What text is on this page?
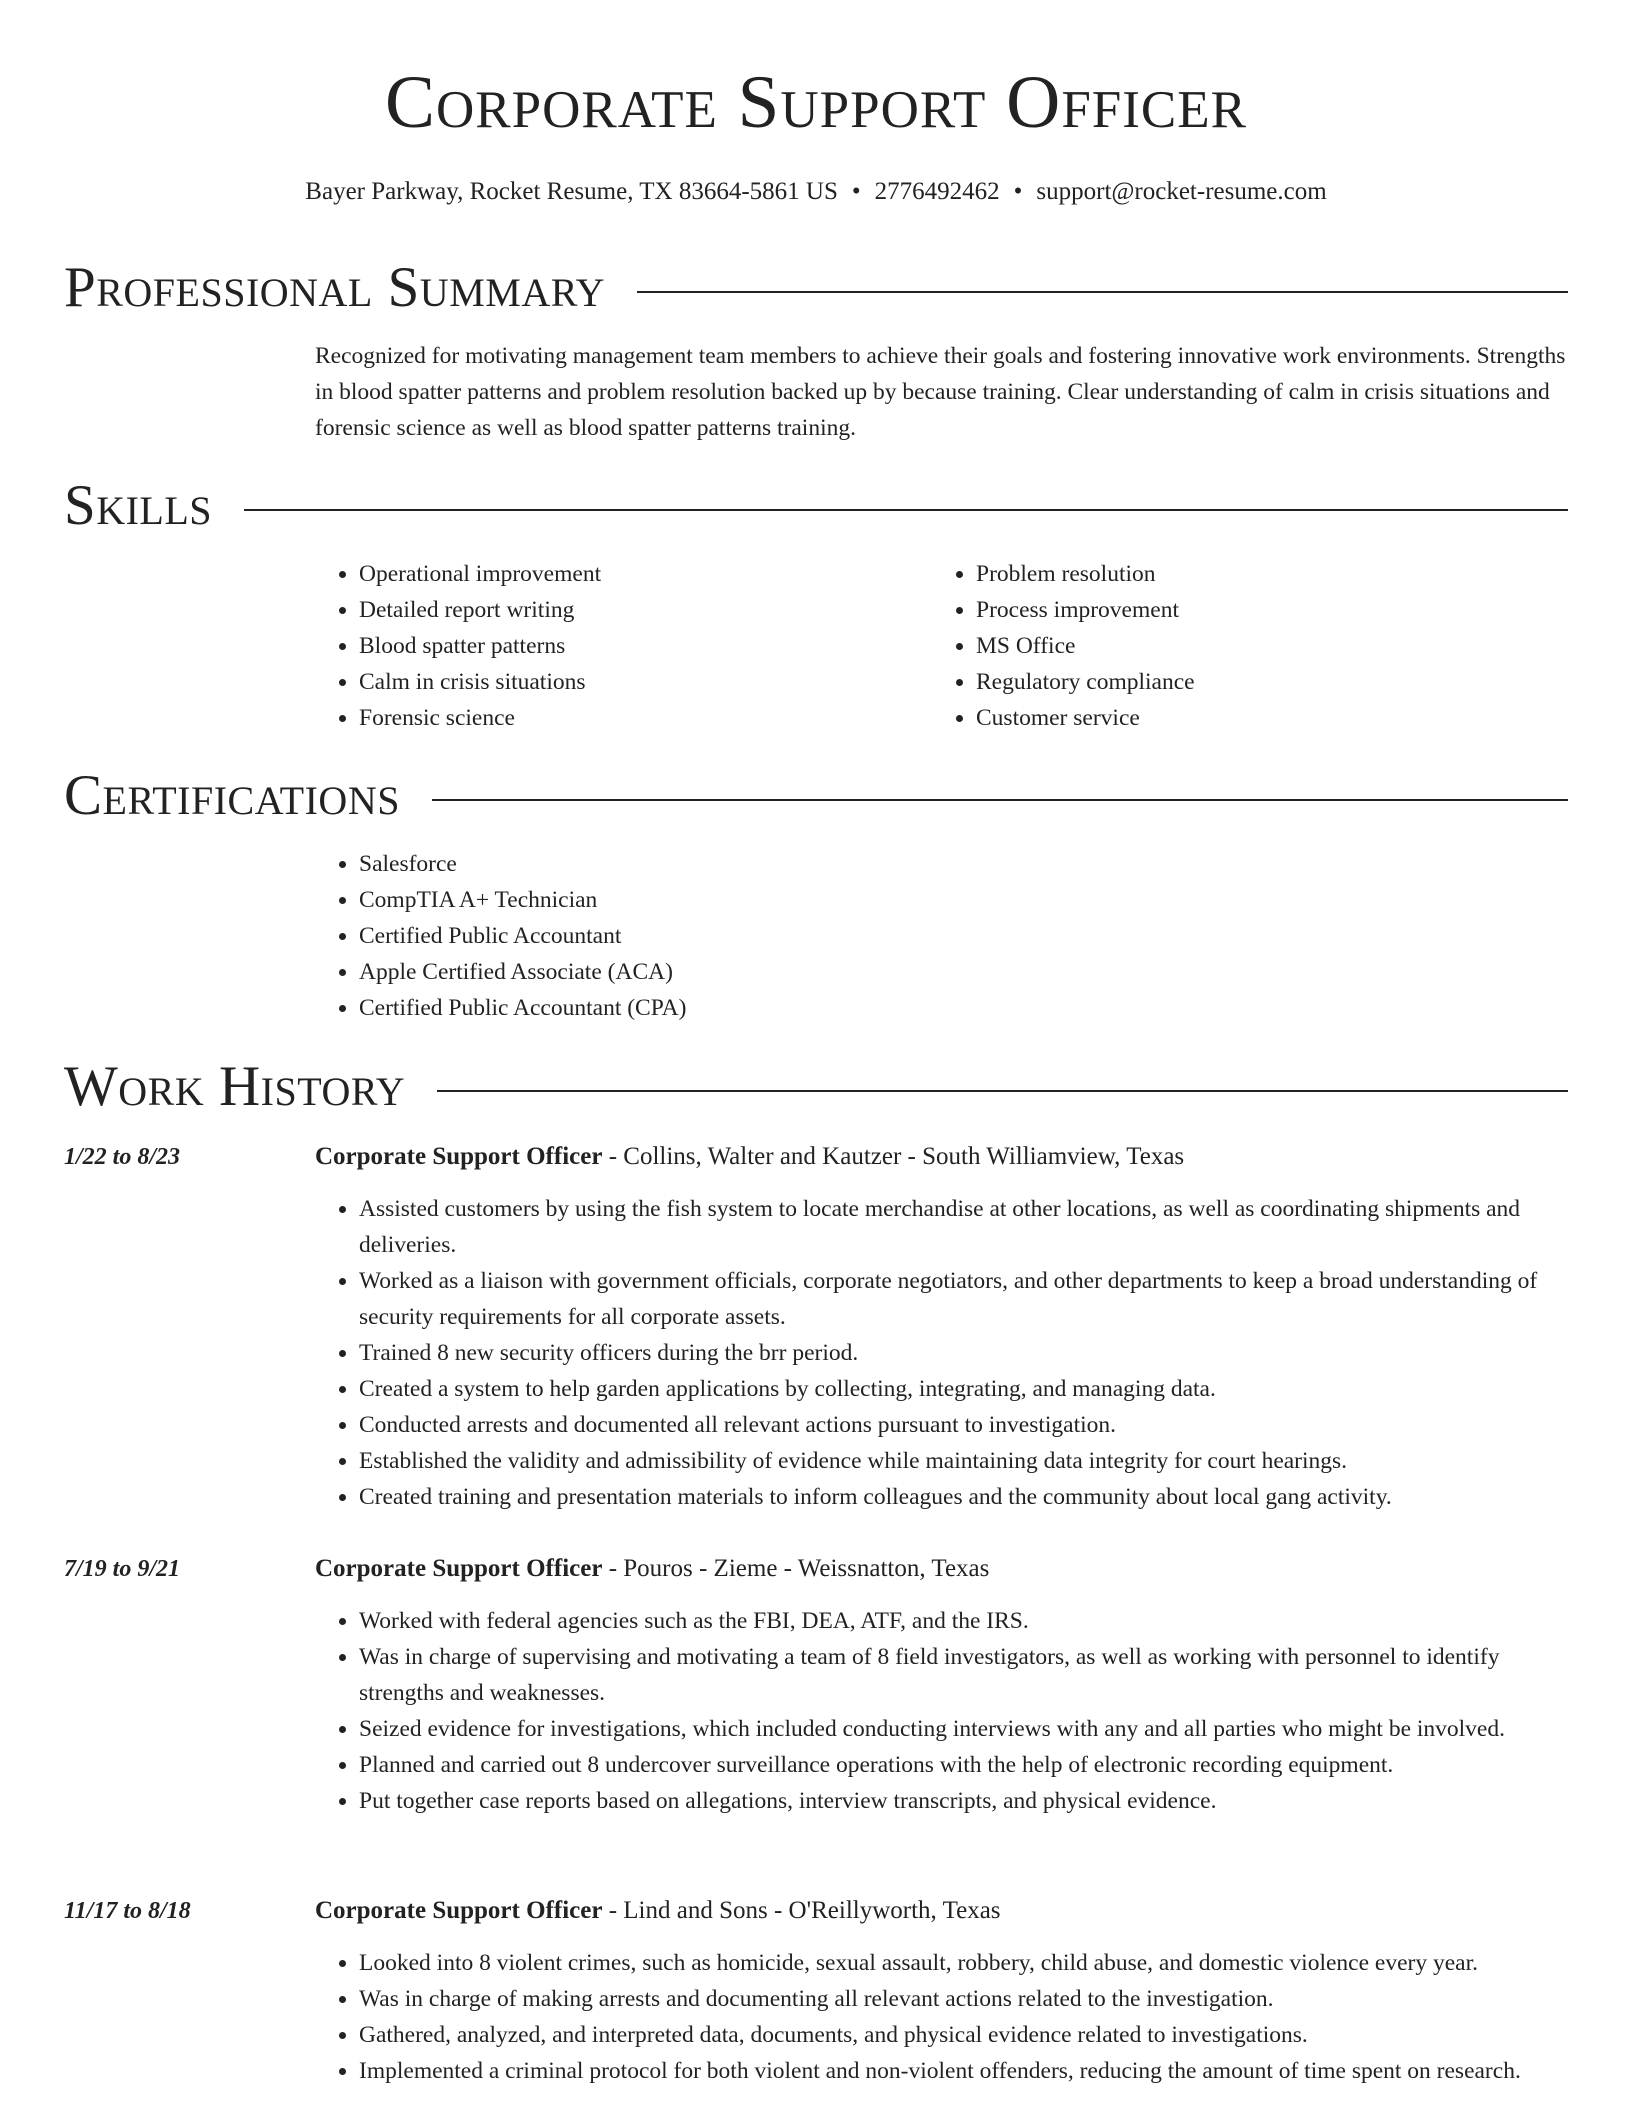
Corporate Support Officer
Bayer Parkway, Rocket Resume, TX 83664-5861 US • 2776492462 • support@rocket-resume.com
Professional Summary
Recognized for motivating management team members to achieve their goals and fostering innovative work environments. Strengths in blood spatter patterns and problem resolution backed up by because training. Clear understanding of calm in crisis situations and forensic science as well as blood spatter patterns training.
Skills
• Operational improvement
• Detailed report writing
• Blood spatter patterns
• Calm in crisis situations
• Forensic science
• Problem resolution
• Process improvement
• MS Office
• Regulatory compliance
• Customer service
Certifications
• Salesforce
• CompTIA A+ Technician
• Certified Public Accountant
• Apple Certified Associate (ACA)
• Certified Public Accountant (CPA)
Work History
1/22 to 8/23	Corporate Support Officer - Collins, Walter and Kautzer - South Williamview, Texas
• Assisted customers by using the fish system to locate merchandise at other locations, as well as coordinating shipments and deliveries.
• Worked as a liaison with government officials, corporate negotiators, and other departments to keep a broad understanding of security requirements for all corporate assets.
• Trained 8 new security officers during the brr period.
• Created a system to help garden applications by collecting, integrating, and managing data.
• Conducted arrests and documented all relevant actions pursuant to investigation.
• Established the validity and admissibility of evidence while maintaining data integrity for court hearings.
• Created training and presentation materials to inform colleagues and the community about local gang activity.
7/19 to 9/21	Corporate Support Officer - Pouros - Zieme - Weissnatton, Texas
• Worked with federal agencies such as the FBI, DEA, ATF, and the IRS.
• Was in charge of supervising and motivating a team of 8 field investigators, as well as working with personnel to identify strengths and weaknesses.
• Seized evidence for investigations, which included conducting interviews with any and all parties who might be involved.
• Planned and carried out 8 undercover surveillance operations with the help of electronic recording equipment.
• Put together case reports based on allegations, interview transcripts, and physical evidence.
11/17 to 8/18	Corporate Support Officer - Lind and Sons - O'Reillyworth, Texas
• Looked into 8 violent crimes, such as homicide, sexual assault, robbery, child abuse, and domestic violence every year.
• Was in charge of making arrests and documenting all relevant actions related to the investigation.
• Gathered, analyzed, and interpreted data, documents, and physical evidence related to investigations.
• Implemented a criminal protocol for both violent and non-violent offenders, reducing the amount of time spent on research.
